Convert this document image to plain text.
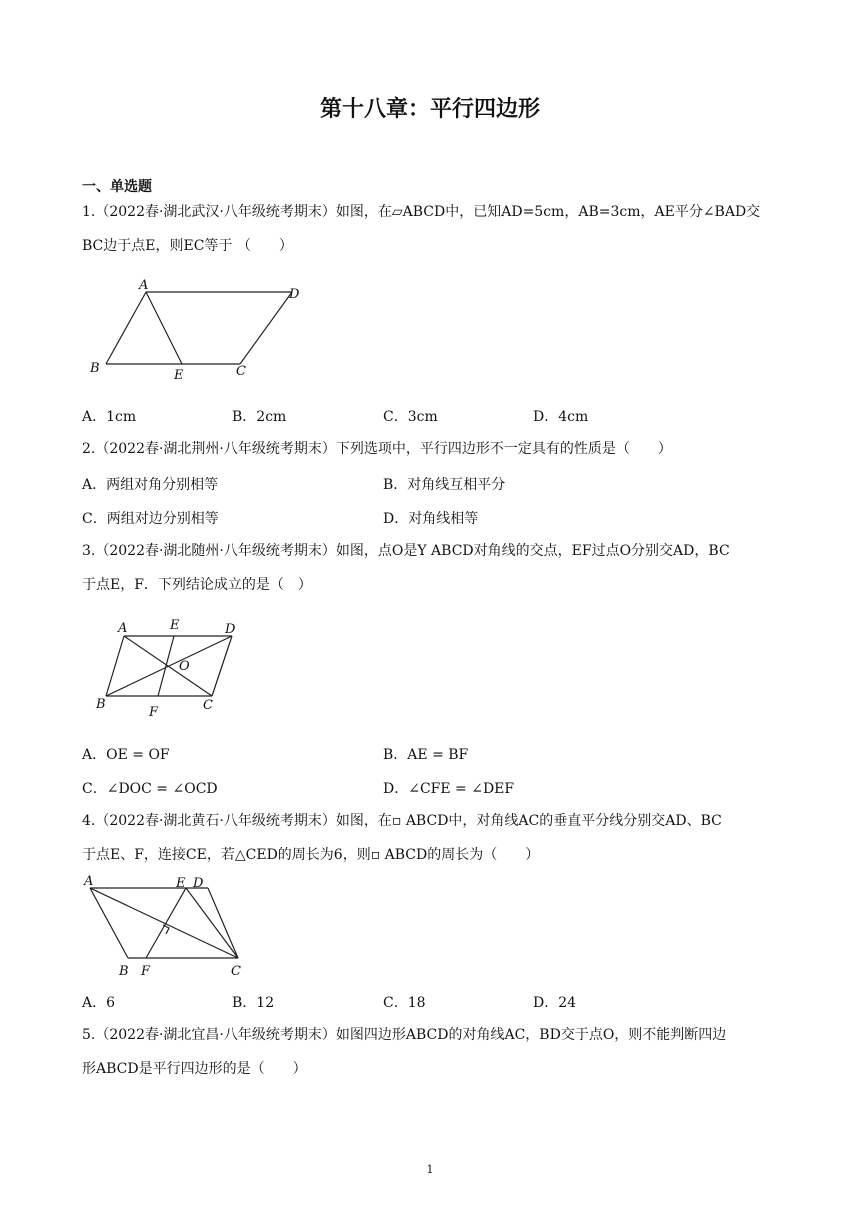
第十八章：平行四边形
一、单选题
1.（2022春·湖北武汉·八年级统考期末）如图，在▱ABCD中，已知AD=5cm，AB=3cm，AE平分∠BAD交
BC边于点E，则EC等于 （　　）
A
D
B	E	C
A．1cm	B．2cm	C．3cm	D．4cm
2.（2022春·湖北荆州·八年级统考期末）下列选项中，平行四边形不一定具有的性质是（　　）
A．两组对角分别相等	B．对角线互相平分
C．两组对边分别相等	D．对角线相等
3.（2022春·湖北随州·八年级统考期末）如图，点O是Y ABCD对角线的交点，EF过点O分别交AD，BC
于点E，F．下列结论成立的是（　）
A	E	D
O
B
F	C
A．OE = OF	B．AE = BF
C．∠DOC = ∠OCD	D．∠CFE = ∠DEF
4.（2022春·湖北黄石·八年级统考期末）如图，在▫ ABCD中，对角线AC的垂直平分线分别交AD、BC
于点E、F，连接CE，若△CED的周长为6，则▫ ABCD的周长为（　　）
A	E D
B F	C
A．6	B．12	C．18	D．24
5.（2022春·湖北宜昌·八年级统考期末）如图四边形ABCD的对角线AC，BD交于点O，则不能判断四边
形ABCD是平行四边形的是（　　）
1
